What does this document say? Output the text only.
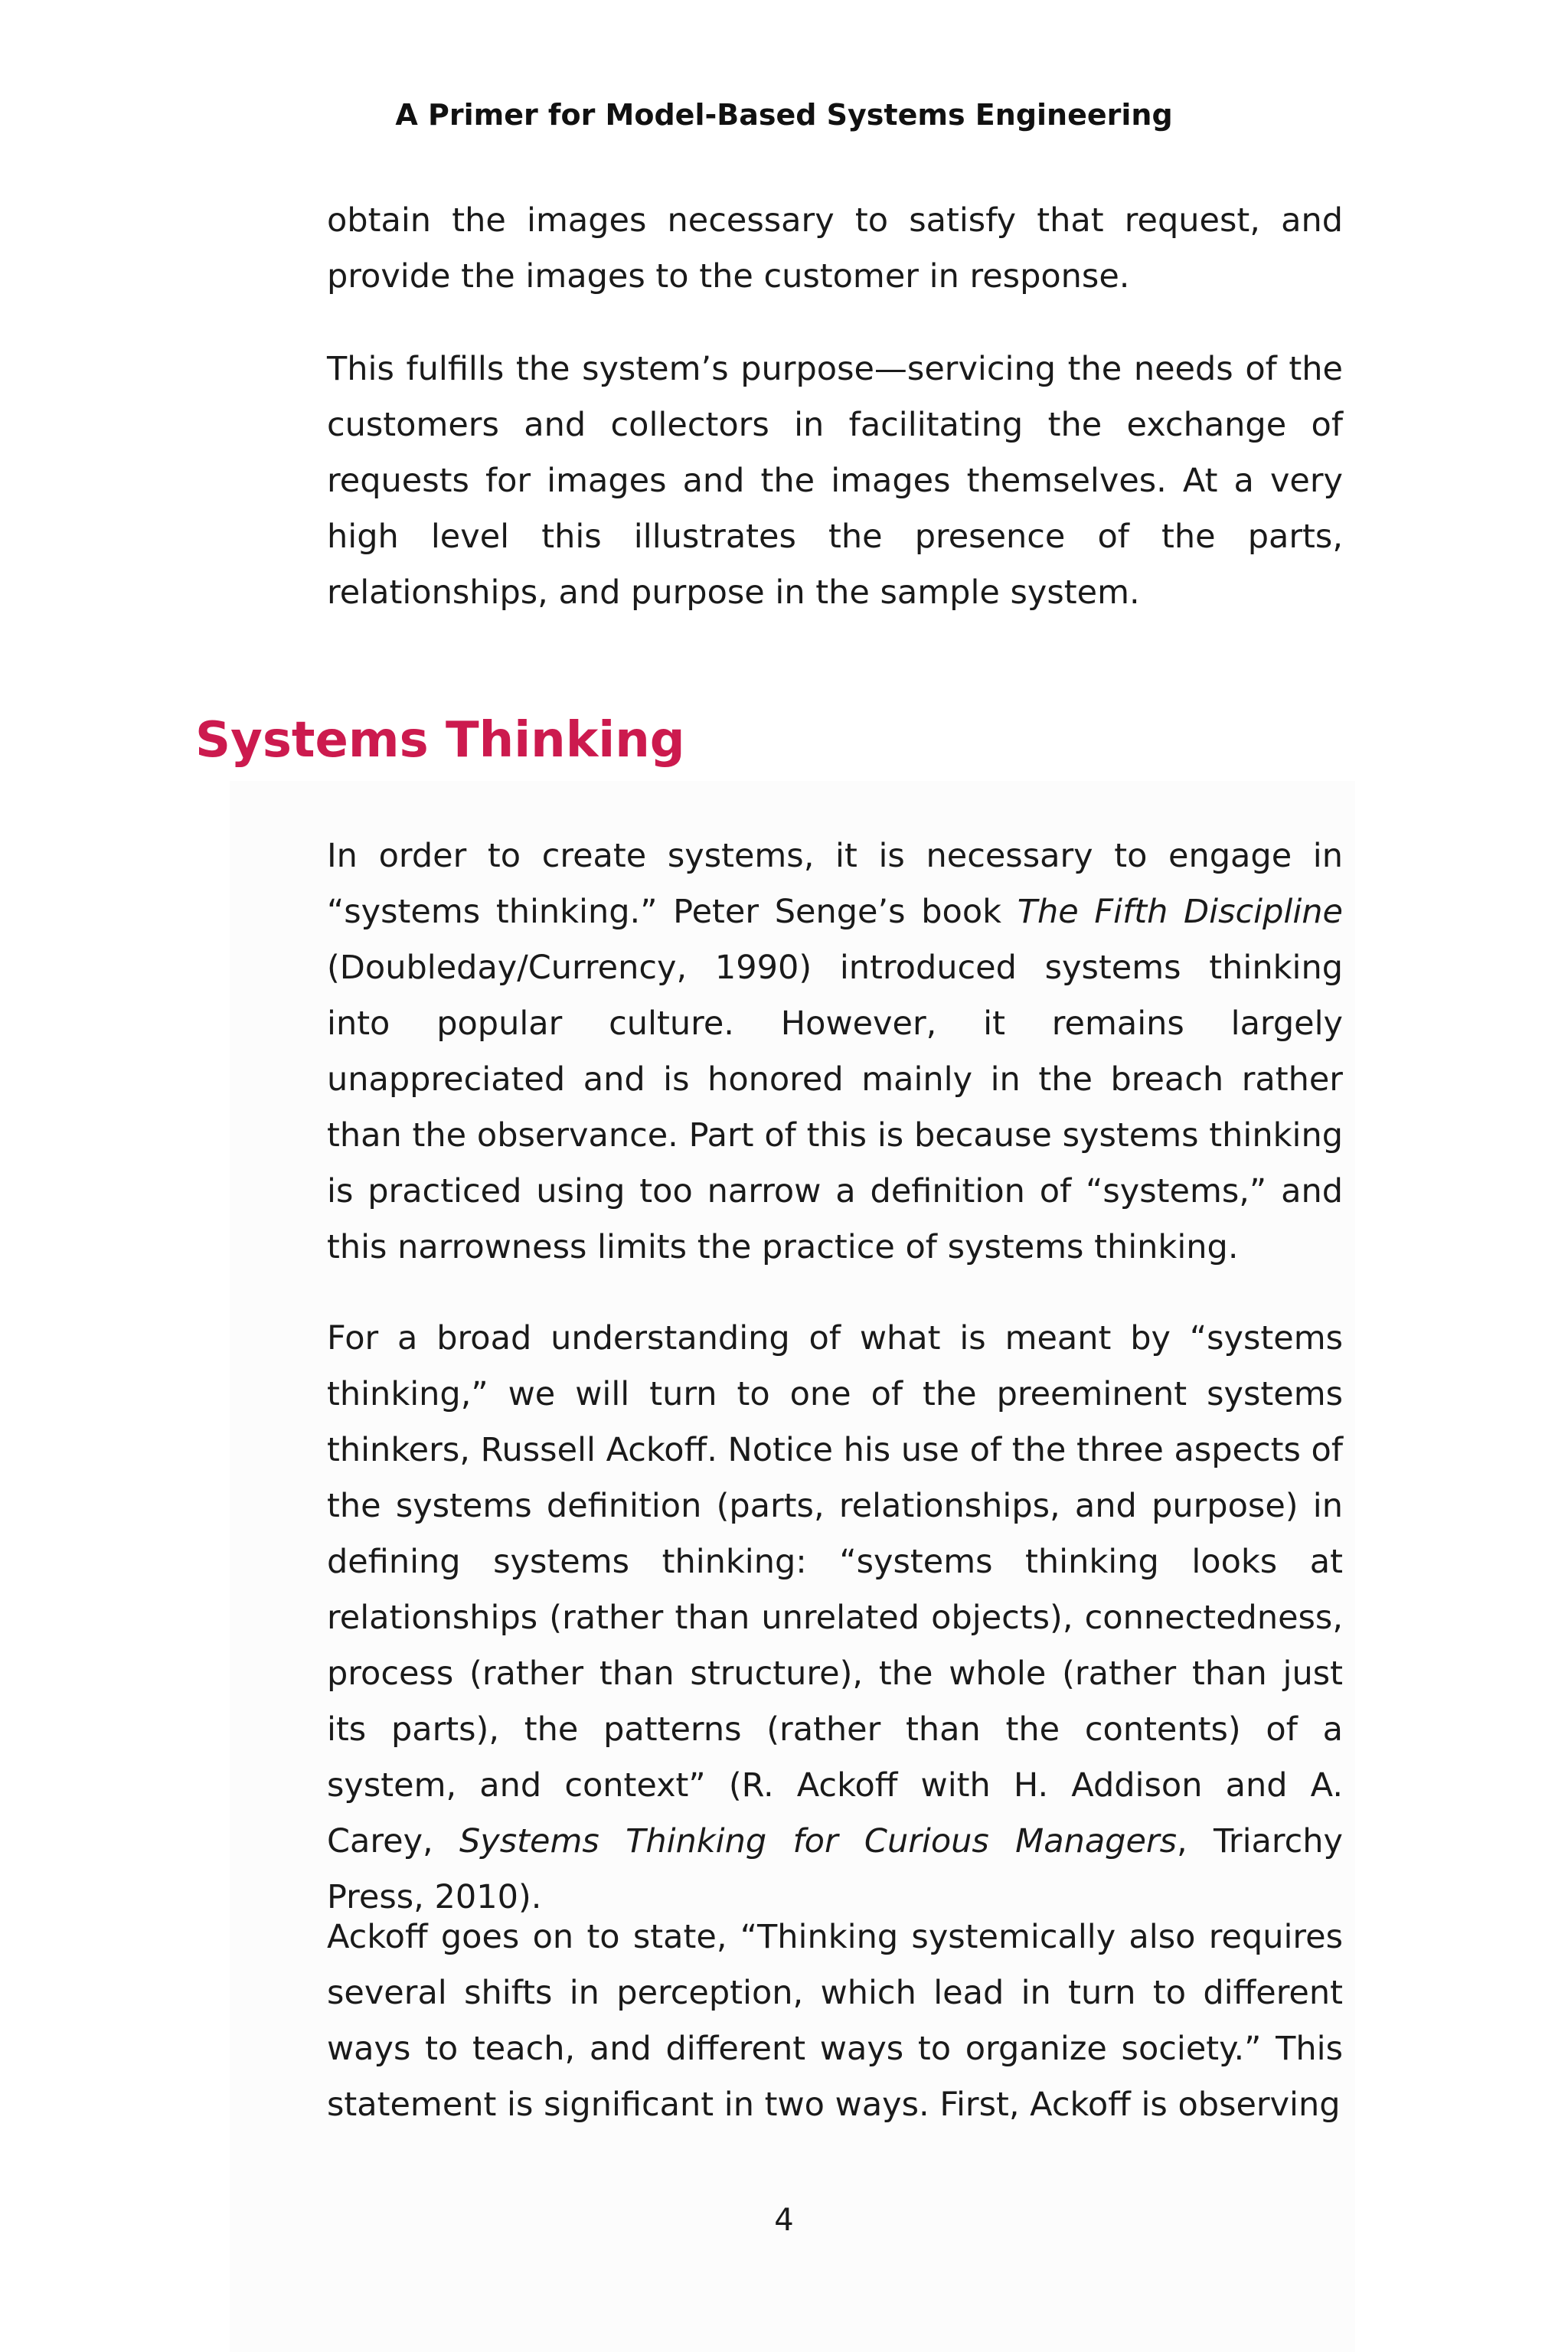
A Primer for Model-Based Systems Engineering

obtain the images necessary to satisfy that request, and provide the images to the customer in response.

This fulfills the system’s purpose—servicing the needs of the customers and collectors in facilitating the exchange of requests for images and the images themselves. At a very high level this illustrates the presence of the parts, relationships, and purpose in the sample system.

Systems Thinking

In order to create systems, it is necessary to engage in “systems thinking.” Peter Senge’s book The Fifth Discipline (Doubleday/Currency, 1990) introduced systems thinking into popular culture. However, it remains largely unappreciated and is honored mainly in the breach rather than the observance. Part of this is because systems thinking is practiced using too narrow a definition of “systems,” and this narrowness limits the practice of systems thinking.

For a broad understanding of what is meant by “systems thinking,” we will turn to one of the preeminent systems thinkers, Russell Ackoff. Notice his use of the three aspects of the systems definition (parts, relationships, and purpose) in defining systems thinking: “systems thinking looks at relationships (rather than unrelated objects), connectedness, process (rather than structure), the whole (rather than just its parts), the patterns (rather than the contents) of a system, and context” (R. Ackoff with H. Addison and A. Carey, Systems Thinking for Curious Managers, Triarchy Press, 2010).

Ackoff goes on to state, “Thinking systemically also requires several shifts in perception, which lead in turn to different ways to teach, and different ways to organize society.” This statement is significant in two ways. First, Ackoff is observing

4
